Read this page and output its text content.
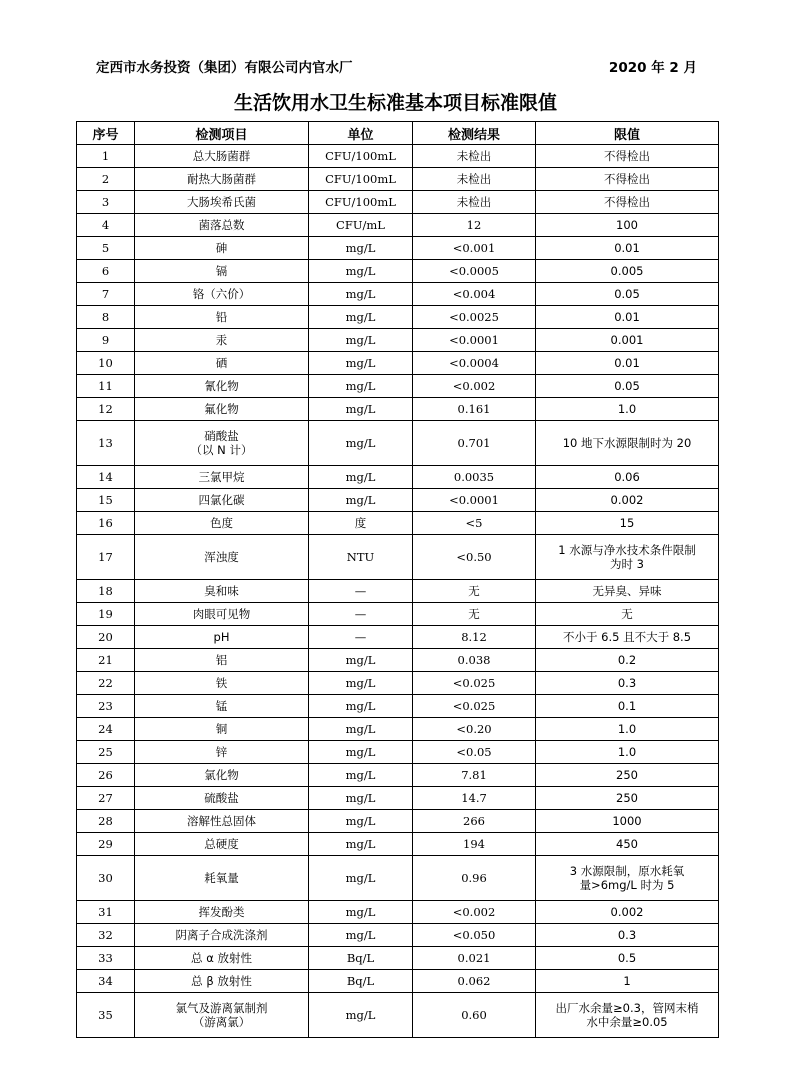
定西市水务投资（集团）有限公司内官水厂	2020 年 2 月
生活饮用水卫生标准基本项目标准限值
序号	检测项目	单位	检测结果	限值

1	总大肠菌群	CFU/100mL	未检出	不得检出

2	耐热大肠菌群	CFU/100mL	未检出	不得检出

3	大肠埃希氏菌	CFU/100mL	未检出	不得检出

4	菌落总数	CFU/mL	12	100

5	砷	mg/L	<0.001	0.01

6	镉	mg/L	<0.0005	0.005

7	铬（六价）	mg/L	<0.004	0.05

8	铅	mg/L	<0.0025	0.01

9	汞	mg/L	<0.0001	0.001

10	硒	mg/L	<0.0004	0.01

11	氰化物	mg/L	<0.002	0.05

12	氟化物	mg/L	0.161	1.0

13	硝酸盐
（以 N 计）	mg/L	0.701	10 地下水源限制时为 20

14	三氯甲烷	mg/L	0.0035	0.06

15	四氯化碳	mg/L	<0.0001	0.002

16	色度	度	<5	15

17	浑浊度	NTU	<0.50	1 水源与净水技术条件限制
为时 3

18	臭和味	—	无	无异臭、异味

19	肉眼可见物	—	无	无

20	pH	—	8.12	不小于 6.5 且不大于 8.5

21	铝	mg/L	0.038	0.2

22	铁	mg/L	<0.025	0.3

23	锰	mg/L	<0.025	0.1

24	铜	mg/L	<0.20	1.0

25	锌	mg/L	<0.05	1.0

26	氯化物	mg/L	7.81	250

27	硫酸盐	mg/L	14.7	250

28	溶解性总固体	mg/L	266	1000

29	总硬度	mg/L	194	450

30	耗氧量	mg/L	0.96	3 水源限制，原水耗氧
量>6mg/L 时为 5

31	挥发酚类	mg/L	<0.002	0.002

32	阴离子合成洗涤剂	mg/L	<0.050	0.3

33	总 α 放射性	Bq/L	0.021	0.5

34	总 β 放射性	Bq/L	0.062	1

35	氯气及游离氯制剂
（游离氯）	mg/L	0.60	出厂水余量≥0.3，管网末梢
水中余量≥0.05
